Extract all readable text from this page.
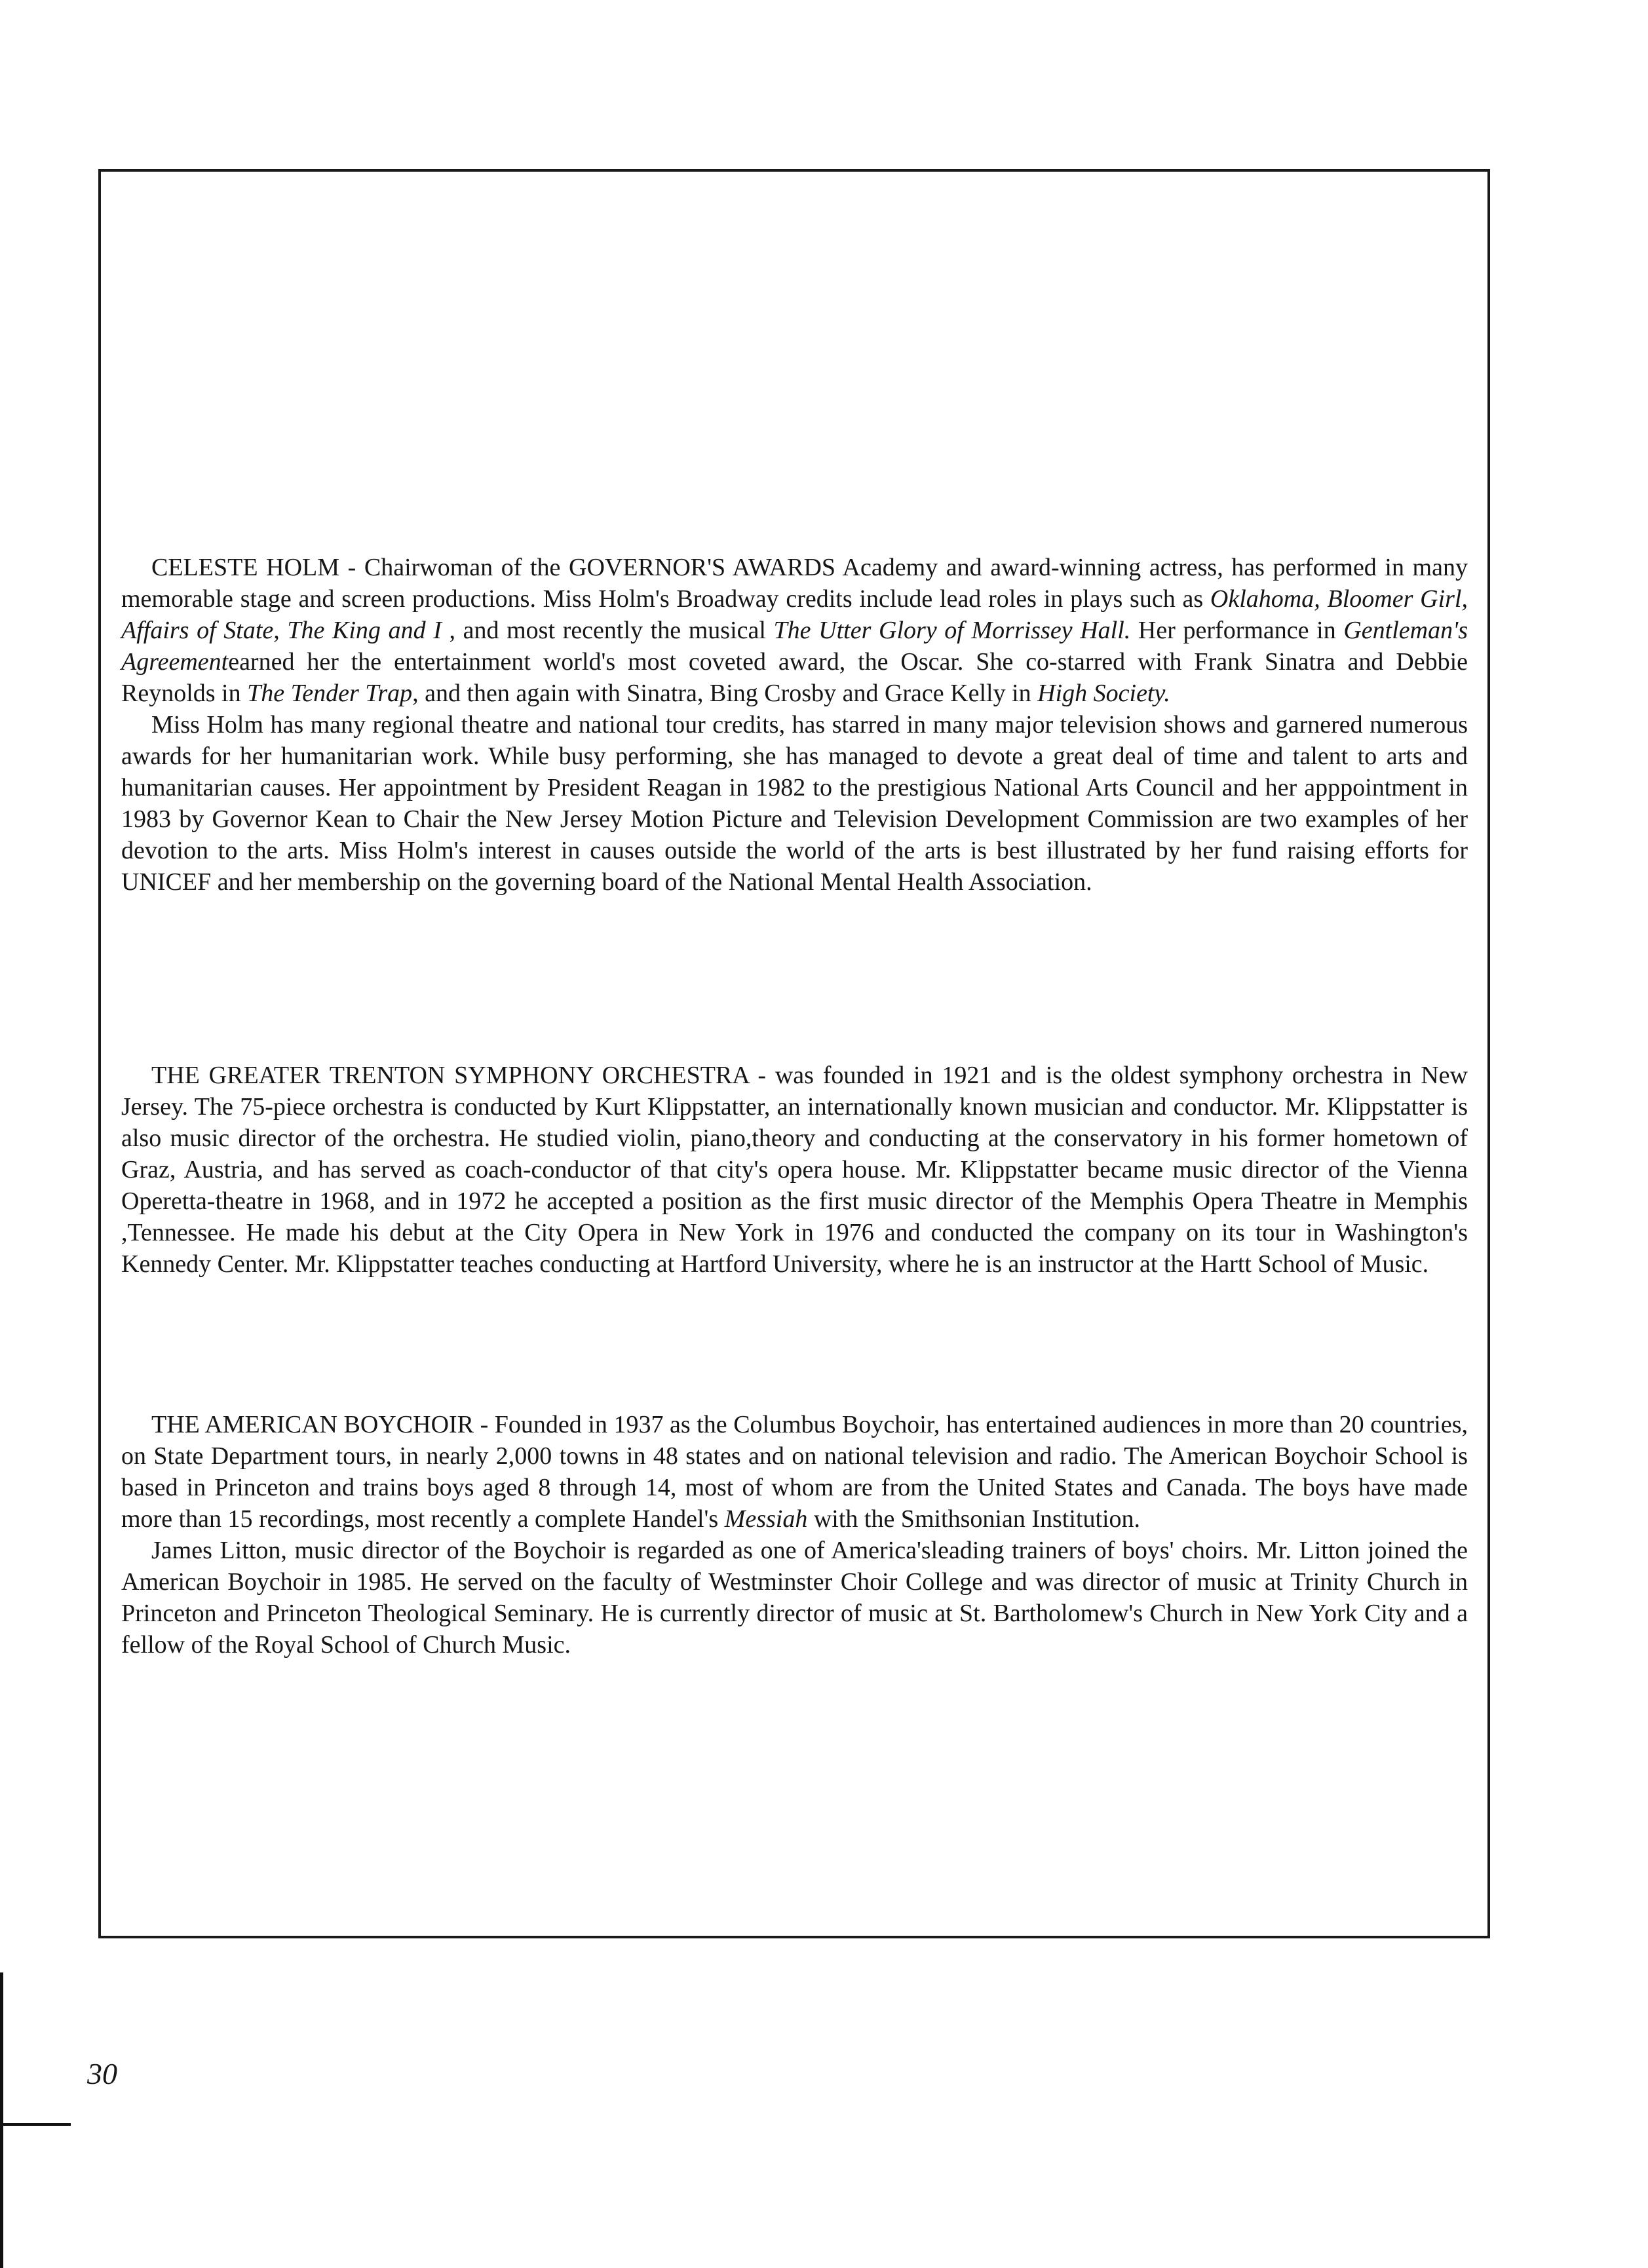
CELESTE HOLM - Chairwoman of the GOVERNOR'S AWARDS Academy and award-winning actress, has performed in many memorable stage and screen productions. Miss Holm's Broadway credits include lead roles in plays such as Oklahoma, Bloomer Girl, Affairs of State, The King and I , and most recently the musical The Utter Glory of Morrissey Hall. Her performance in Gentleman's Agreementearned her the entertainment world's most coveted award, the Oscar. She co-starred with Frank Sinatra and Debbie Reynolds in The Tender Trap, and then again with Sinatra, Bing Crosby and Grace Kelly in High Society.

Miss Holm has many regional theatre and national tour credits, has starred in many major television shows and garnered numerous awards for her humanitarian work. While busy performing, she has managed to devote a great deal of time and talent to arts and humanitarian causes. Her appointment by President Reagan in 1982 to the prestigious National Arts Council and her apppointment in 1983 by Governor Kean to Chair the New Jersey Motion Picture and Television Development Commission are two examples of her devotion to the arts. Miss Holm's interest in causes outside the world of the arts is best illustrated by her fund raising efforts for UNICEF and her membership on the governing board of the National Mental Health Association.

THE GREATER TRENTON SYMPHONY ORCHESTRA - was founded in 1921 and is the oldest symphony orchestra in New Jersey. The 75-piece orchestra is conducted by Kurt Klippstatter, an internationally known musician and conductor. Mr. Klippstatter is also music director of the orchestra. He studied violin, piano,theory and conducting at the conservatory in his former hometown of Graz, Austria, and has served as coach-conductor of that city's opera house. Mr. Klippstatter became music director of the Vienna Operetta-theatre in 1968, and in 1972 he accepted a position as the first music director of the Memphis Opera Theatre in Memphis ,Tennessee. He made his debut at the City Opera in New York in 1976 and conducted the company on its tour in Washington's Kennedy Center. Mr. Klippstatter teaches conducting at Hartford University, where he is an instructor at the Hartt School of Music.

THE AMERICAN BOYCHOIR - Founded in 1937 as the Columbus Boychoir, has entertained audiences in more than 20 countries, on State Department tours, in nearly 2,000 towns in 48 states and on national television and radio. The American Boychoir School is based in Princeton and trains boys aged 8 through 14, most of whom are from the United States and Canada. The boys have made more than 15 recordings, most recently a complete Handel's Messiah with the Smithsonian Institution.

James Litton, music director of the Boychoir is regarded as one of America'sleading trainers of boys' choirs. Mr. Litton joined the American Boychoir in 1985. He served on the faculty of Westminster Choir College and was director of music at Trinity Church in Princeton and Princeton Theological Seminary. He is currently director of music at St. Bartholomew's Church in New York City and a fellow of the Royal School of Church Music.

30
